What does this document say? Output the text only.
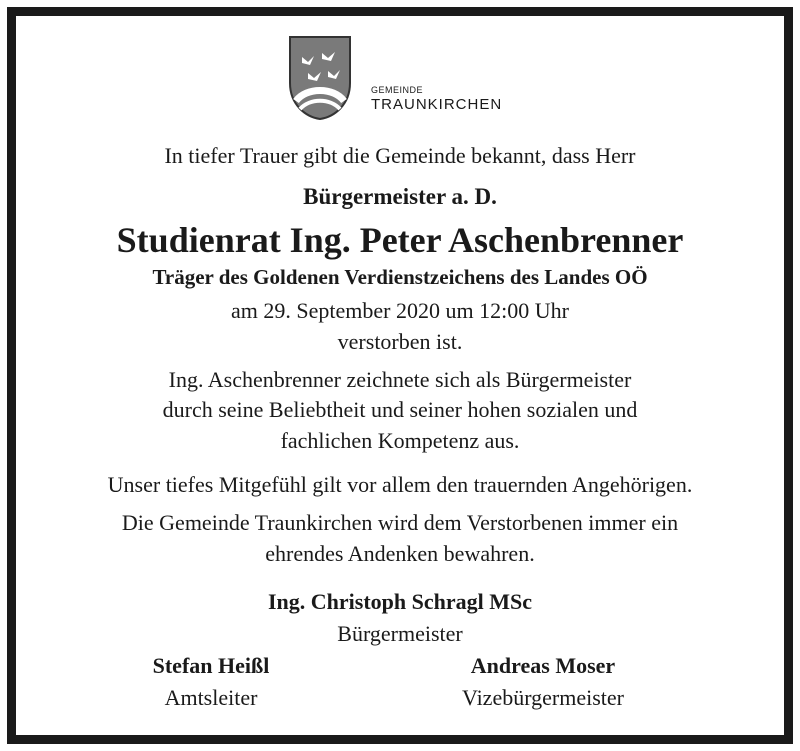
GEMEINDE
TRAUNKIRCHEN
In tiefer Trauer gibt die Gemeinde bekannt, dass Herr
Bürgermeister a. D.
Studienrat Ing. Peter Aschenbrenner
Träger des Goldenen Verdienstzeichens des Landes OÖ
am 29. September 2020 um 12:00 Uhr
verstorben ist.
Ing. Aschenbrenner zeichnete sich als Bürgermeister
durch seine Beliebtheit und seiner hohen sozialen und
fachlichen Kompetenz aus.
Unser tiefes Mitgefühl gilt vor allem den trauernden Angehörigen.
Die Gemeinde Traunkirchen wird dem Verstorbenen immer ein
ehrendes Andenken bewahren.
Ing. Christoph Schragl MSc
Bürgermeister
Stefan Heißl
Amtsleiter
Andreas Moser
Vizebürgermeister
